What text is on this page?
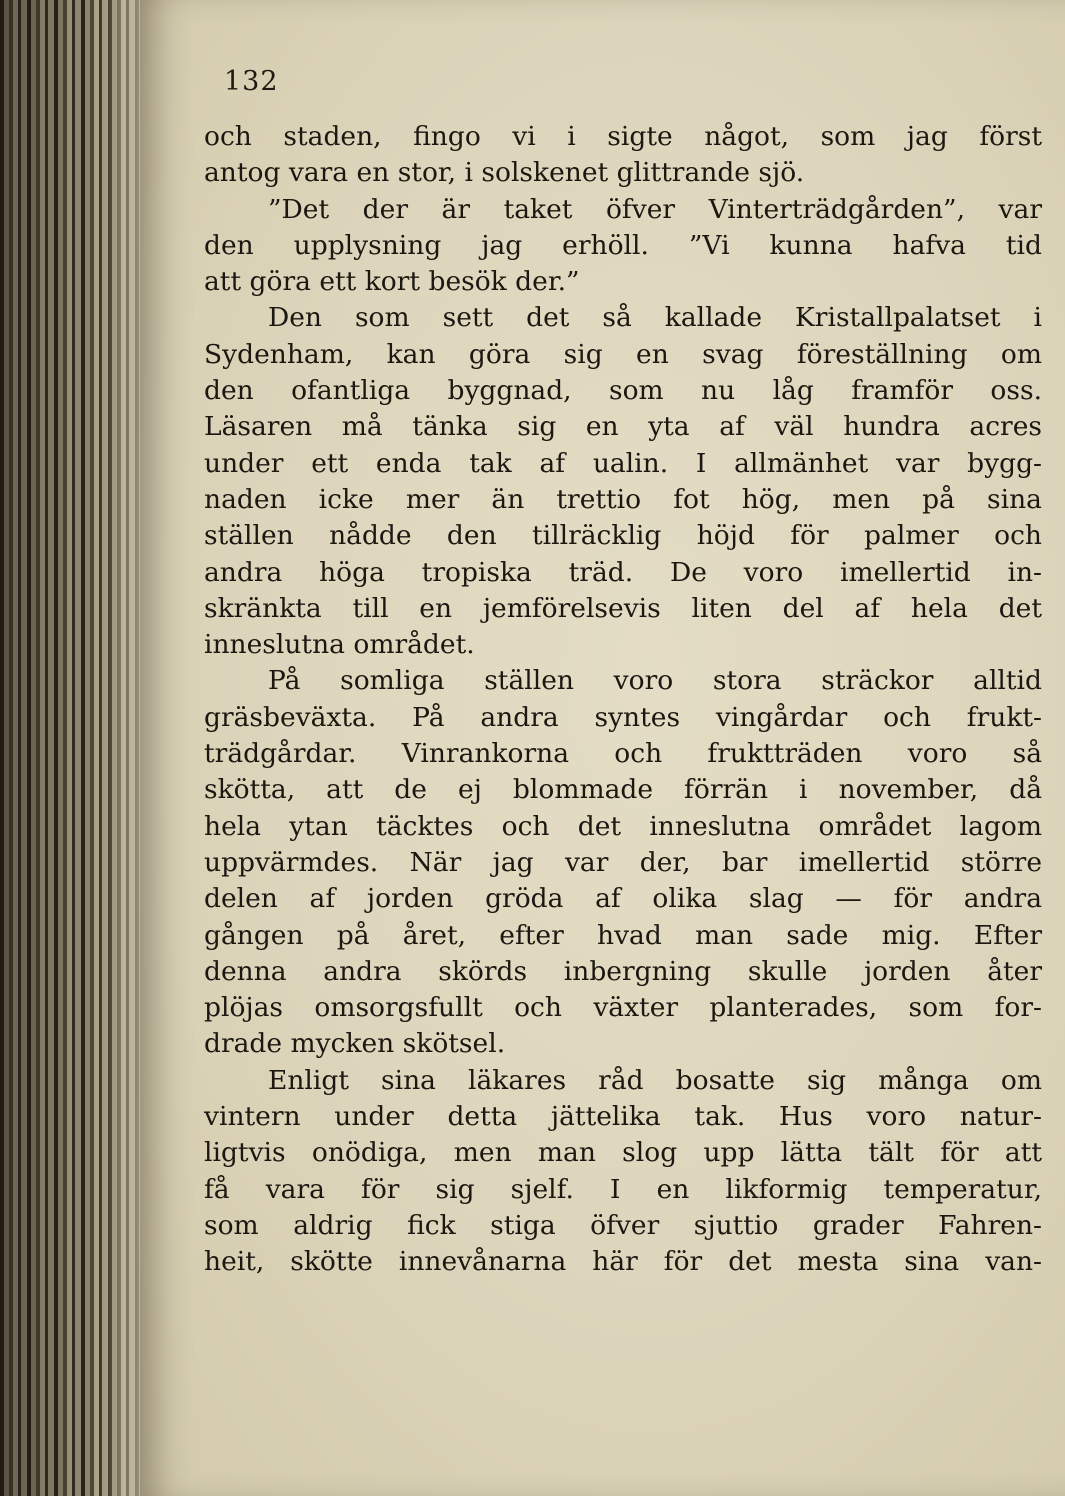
132
och staden, fingo vi i sigte något, som jag först
antog vara en stor, i solskenet glittrande sjö.
”Det der är taket öfver Vinterträdgården”, var
den upplysning jag erhöll. ”Vi kunna hafva tid
att göra ett kort besök der.”
Den som sett det så kallade Kristallpalatset i
Sydenham, kan göra sig en svag föreställning om
den ofantliga byggnad, som nu låg framför oss.
Läsaren må tänka sig en yta af väl hundra acres
under ett enda tak af ualin. I allmänhet var bygg-
naden icke mer än trettio fot hög, men på sina
ställen nådde den tillräcklig höjd för palmer och
andra höga tropiska träd. De voro imellertid in-
skränkta till en jemförelsevis liten del af hela det
inneslutna området.
På somliga ställen voro stora sträckor alltid
gräsbeväxta. På andra syntes vingårdar och frukt-
trädgårdar. Vinrankorna och fruktträden voro så
skötta, att de ej blommade förrän i november, då
hela ytan täcktes och det inneslutna området lagom
uppvärmdes. När jag var der, bar imellertid större
delen af jorden gröda af olika slag — för andra
gången på året, efter hvad man sade mig. Efter
denna andra skörds inbergning skulle jorden åter
plöjas omsorgsfullt och växter planterades, som for-
drade mycken skötsel.
Enligt sina läkares råd bosatte sig många om
vintern under detta jättelika tak. Hus voro natur-
ligtvis onödiga, men man slog upp lätta tält för att
få vara för sig sjelf. I en likformig temperatur,
som aldrig fick stiga öfver sjuttio grader Fahren-
heit, skötte innevånarna här för det mesta sina van-
